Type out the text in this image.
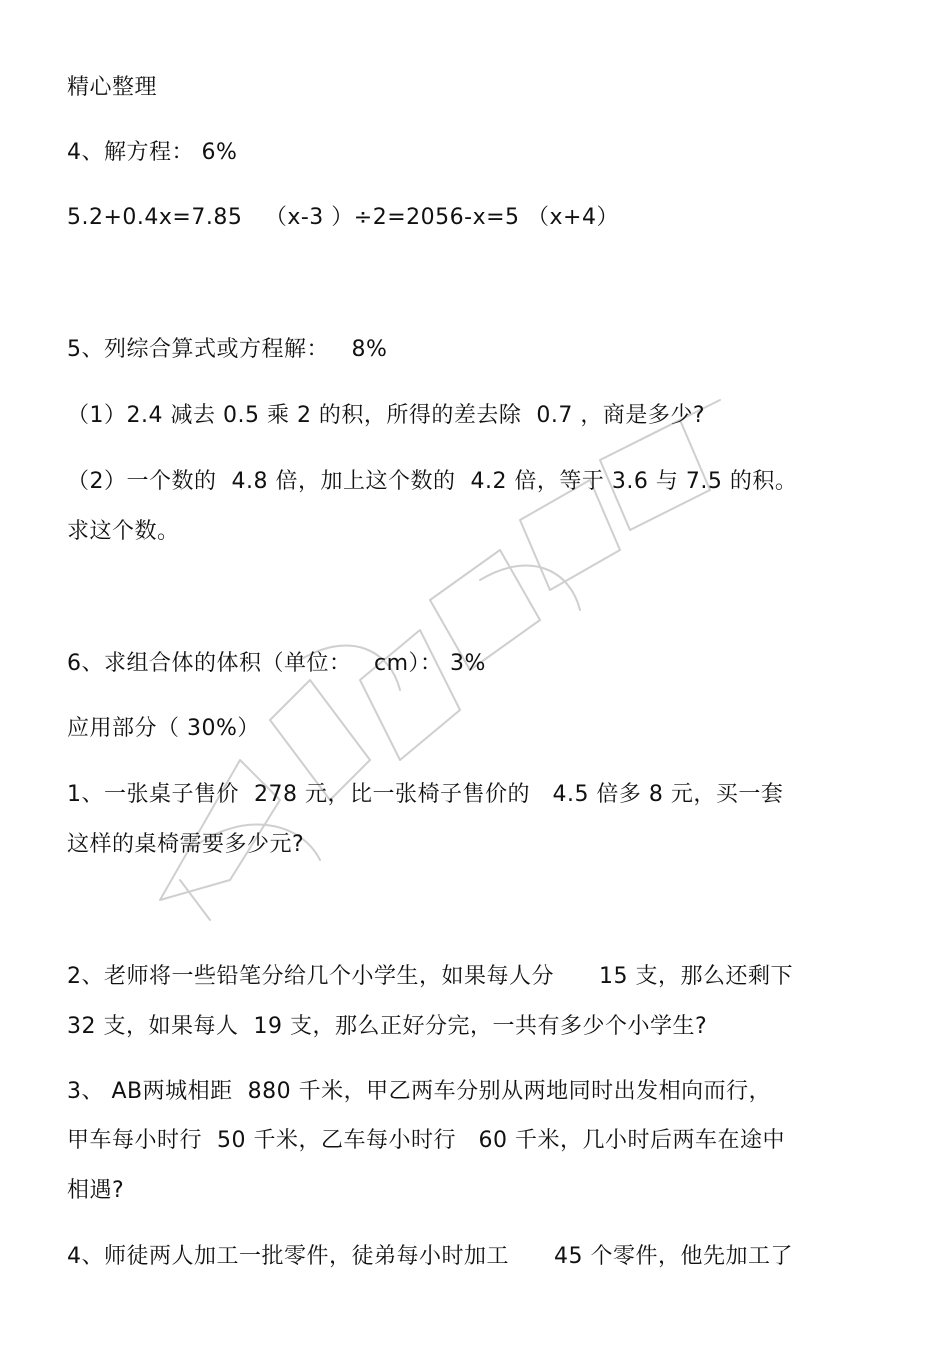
精心整理
4、解方程： 6%
5.2+0.4x=7.85   （x-3 ）÷2=2056-x=5 （x+4）
5、列综合算式或方程解：   8%
（1）2.4 减去 0.5 乘 2 的积，所得的差去除  0.7 ，商是多少?
（2）一个数的  4.8 倍，加上这个数的  4.2 倍，等于 3.6 与 7.5 的积。
求这个数。
6、求组合体的体积（单位：   cm）： 3%
应用部分（ 30%）
1、一张桌子售价  278 元，比一张椅子售价的   4.5 倍多 8 元，买一套
这样的桌椅需要多少元?
2、老师将一些铅笔分给几个小学生，如果每人分      15 支，那么还剩下
32 支，如果每人  19 支，那么正好分完，一共有多少个小学生?
3、 AB两城相距  880 千米，甲乙两车分别从两地同时出发相向而行，
甲车每小时行  50 千米，乙车每小时行   60 千米，几小时后两车在途中
相遇?
4、师徒两人加工一批零件，徒弟每小时加工      45 个零件，他先加工了
